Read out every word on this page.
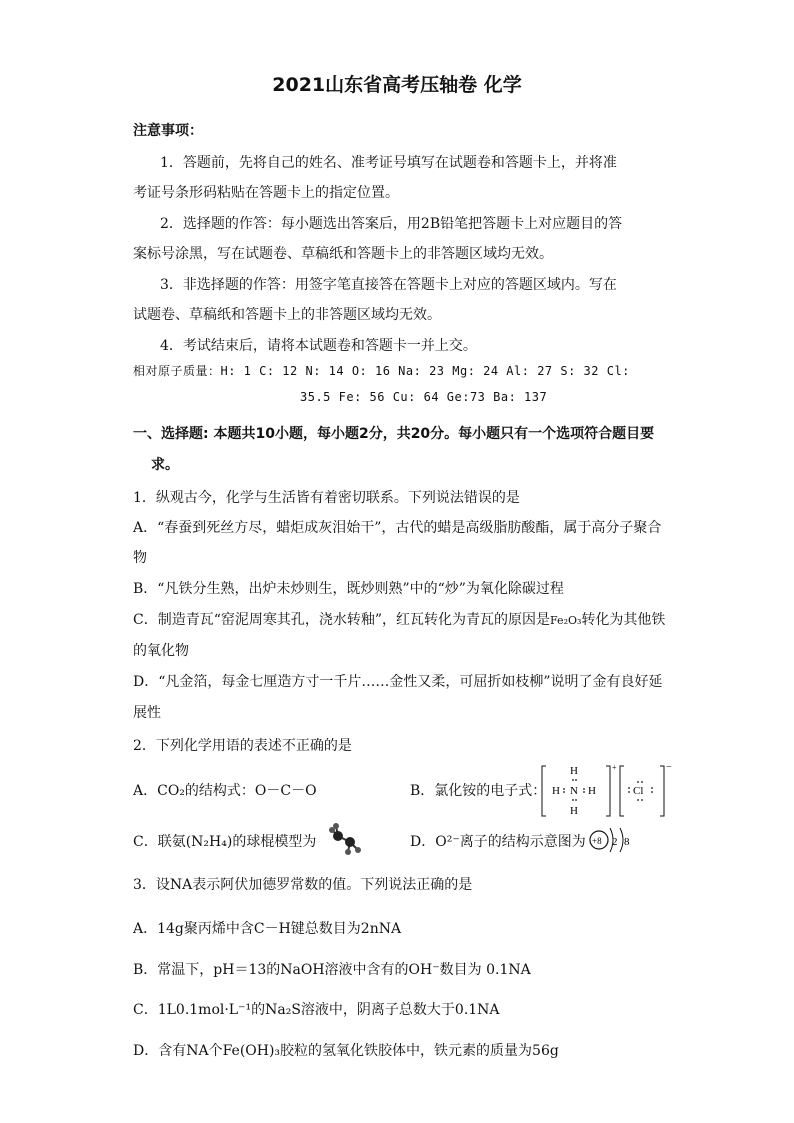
2021山东省高考压轴卷 化学
注意事项：
1．答题前，先将自己的姓名、准考证号填写在试题卷和答题卡上，并将准
考证号条形码粘贴在答题卡上的指定位置。
2．选择题的作答：每小题选出答案后，用2B铅笔把答题卡上对应题目的答
案标号涂黑，写在试题卷、草稿纸和答题卡上的非答题区域均无效。
3．非选择题的作答：用签字笔直接答在答题卡上对应的答题区域内。写在
试题卷、草稿纸和答题卡上的非答题区域均无效。
4．考试结束后，请将本试题卷和答题卡一并上交。
相对原子质量：H: 1 C: 12 N: 14 O: 16 Na: 23 Mg: 24 Al: 27 S: 32 Cl:
35.5 Fe: 56 Cu: 64 Ge:73 Ba: 137
一、选择题: 本题共10小题，每小题2分，共20分。每小题只有一个选项符合题目要
求。
1．纵观古今，化学与生活皆有着密切联系。下列说法错误的是
A．“春蚕到死丝方尽，蜡炬成灰泪始干”，古代的蜡是高级脂肪酸酯，属于高分子聚合
物
B．“凡铁分生熟，出炉未炒则生，既炒则熟”中的“炒”为氧化除碳过程
C．制造青瓦“窑泥周寒其孔，浇水转釉”，红瓦转化为青瓦的原因是Fe₂O₃转化为其他铁
的氧化物
D．“凡金箔，每金七厘造方寸一千片……金性又柔，可屈折如枝柳”说明了金有良好延
展性
2．下列化学用语的表述不正确的是
A．CO₂的结构式：O－C－O	B．氯化铵的电子式：
+
H
N
H	H
H
−
Cl
C．联氨(N₂H₄)的球棍模型为	D．O²⁻离子的结构示意图为 +8 2 8
3．设NA表示阿伏加德罗常数的值。下列说法正确的是
A．14g聚丙烯中含C－H键总数目为2nNA
B．常温下，pH＝13的NaOH溶液中含有的OH⁻数目为 0.1NA
C．1L0.1mol·L⁻¹的Na₂S溶液中，阴离子总数大于0.1NA
D．含有NA个Fe(OH)₃胶粒的氢氧化铁胶体中，铁元素的质量为56g
